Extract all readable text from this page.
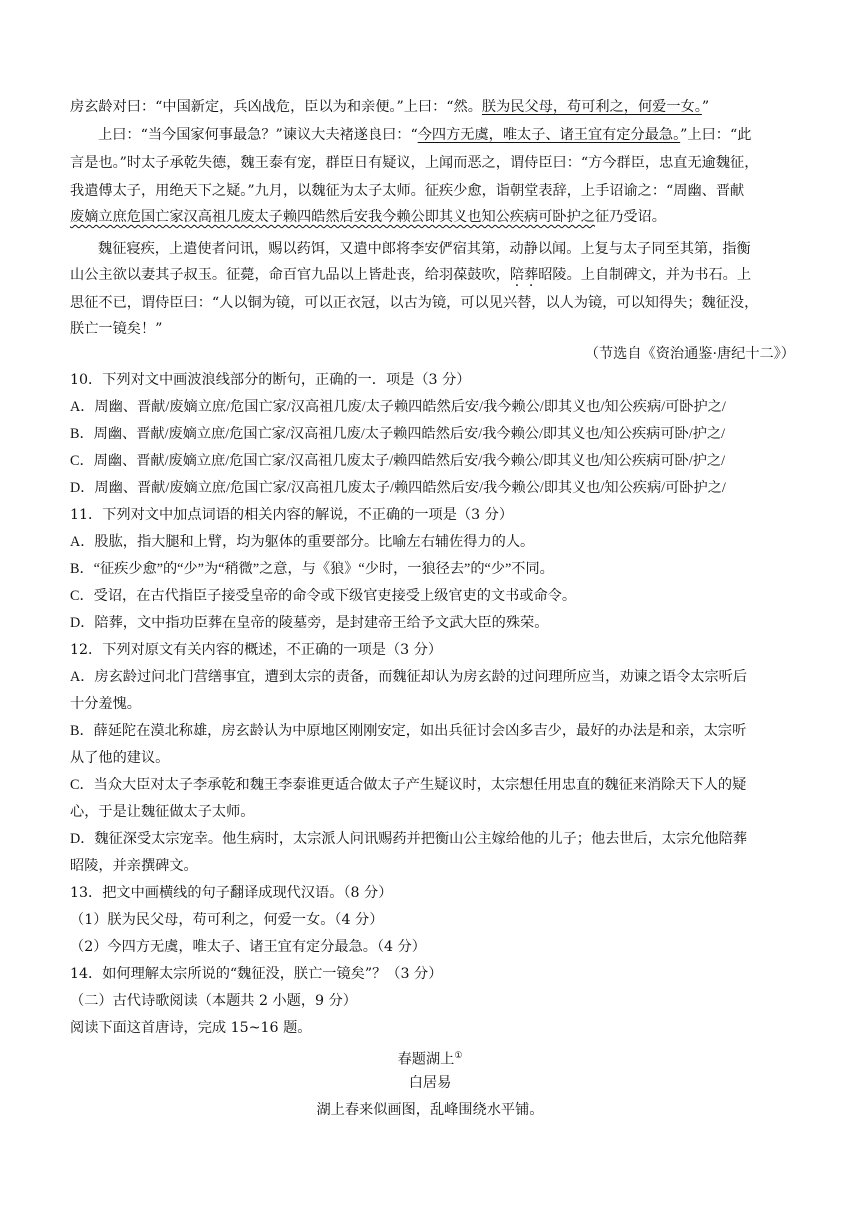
房玄龄对曰：“中国新定，兵凶战危，臣以为和亲便。”上曰：“然。朕为民父母，苟可利之，何爱一女。”
上曰：“当今国家何事最急？”谏议大夫褚遂良曰：“今四方无虞，唯太子、诸王宜有定分最急。”上曰：“此
言是也。”时太子承乾失德，魏王泰有宠，群臣日有疑议，上闻而恶之，谓侍臣曰：“方今群臣，忠直无逾魏征，
我遣傅太子，用绝天下之疑。”九月，以魏征为太子太师。征疾少愈，诣朝堂表辞，上手诏谕之：“周幽、晋献
废嫡立庶危国亡家汉高祖几废太子赖四皓然后安我今赖公即其义也知公疾病可卧护之征乃受诏。
魏征寝疾，上遣使者问讯，赐以药饵，又遣中郎将李安俨宿其第，动静以闻。上复与太子同至其第，指衡
山公主欲以妻其子叔玉。征薨，命百官九品以上皆赴丧，给羽葆鼓吹，陪葬昭陵。上自制碑文，并为书石。上
思征不已，谓侍臣曰：“人以铜为镜，可以正衣冠，以古为镜，可以见兴替，以人为镜，可以知得失；魏征没，
朕亡一镜矣！”
（节选自《资治通鉴·唐纪十二》）
10．下列对文中画波浪线部分的断句，正确的一．项是（3 分）
A．周幽、晋献/废嫡立庶/危国亡家/汉高祖几废/太子赖四皓然后安/我今赖公/即其义也/知公疾病/可卧护之/
B．周幽、晋献/废嫡立庶/危国亡家/汉高祖几废/太子赖四皓然后安/我今赖公/即其义也/知公疾病可卧/护之/
C．周幽、晋献/废嫡立庶/危国亡家/汉高祖几废太子/赖四皓然后安/我今赖公/即其义也/知公疾病可卧/护之/
D．周幽、晋献/废嫡立庶/危国亡家/汉高祖几废太子/赖四皓然后安/我今赖公/即其义也/知公疾病/可卧护之/
11．下列对文中加点词语的相关内容的解说，不正确的一项是（3 分）
A．股肱，指大腿和上臂，均为躯体的重要部分。比喻左右辅佐得力的人。
B．“征疾少愈”的“少”为“稍微”之意，与《狼》“少时，一狼径去”的“少”不同。
C．受诏，在古代指臣子接受皇帝的命令或下级官吏接受上级官吏的文书或命令。
D．陪葬，文中指功臣葬在皇帝的陵墓旁，是封建帝王给予文武大臣的殊荣。
12．下列对原文有关内容的概述，不正确的一项是（3 分）
A．房玄龄过问北门营缮事宜，遭到太宗的责备，而魏征却认为房玄龄的过问理所应当，劝谏之语令太宗听后
十分羞愧。
B．薛延陀在漠北称雄，房玄龄认为中原地区刚刚安定，如出兵征讨会凶多吉少，最好的办法是和亲，太宗听
从了他的建议。
C．当众大臣对太子李承乾和魏王李泰谁更适合做太子产生疑议时，太宗想任用忠直的魏征来消除天下人的疑
心，于是让魏征做太子太师。
D．魏征深受太宗宠幸。他生病时，太宗派人问讯赐药并把衡山公主嫁给他的儿子；他去世后，太宗允他陪葬
昭陵，并亲撰碑文。
13．把文中画横线的句子翻译成现代汉语。（8 分）
（1）朕为民父母，苟可利之，何爱一女。（4 分）
（2）今四方无虞，唯太子、诸王宜有定分最急。（4 分）
14．如何理解太宗所说的“魏征没，朕亡一镜矣”？（3 分）
（二）古代诗歌阅读（本题共 2 小题，9 分）
阅读下面这首唐诗，完成 15~16 题。
春题湖上①
白居易
湖上春来似画图，乱峰围绕水平铺。
